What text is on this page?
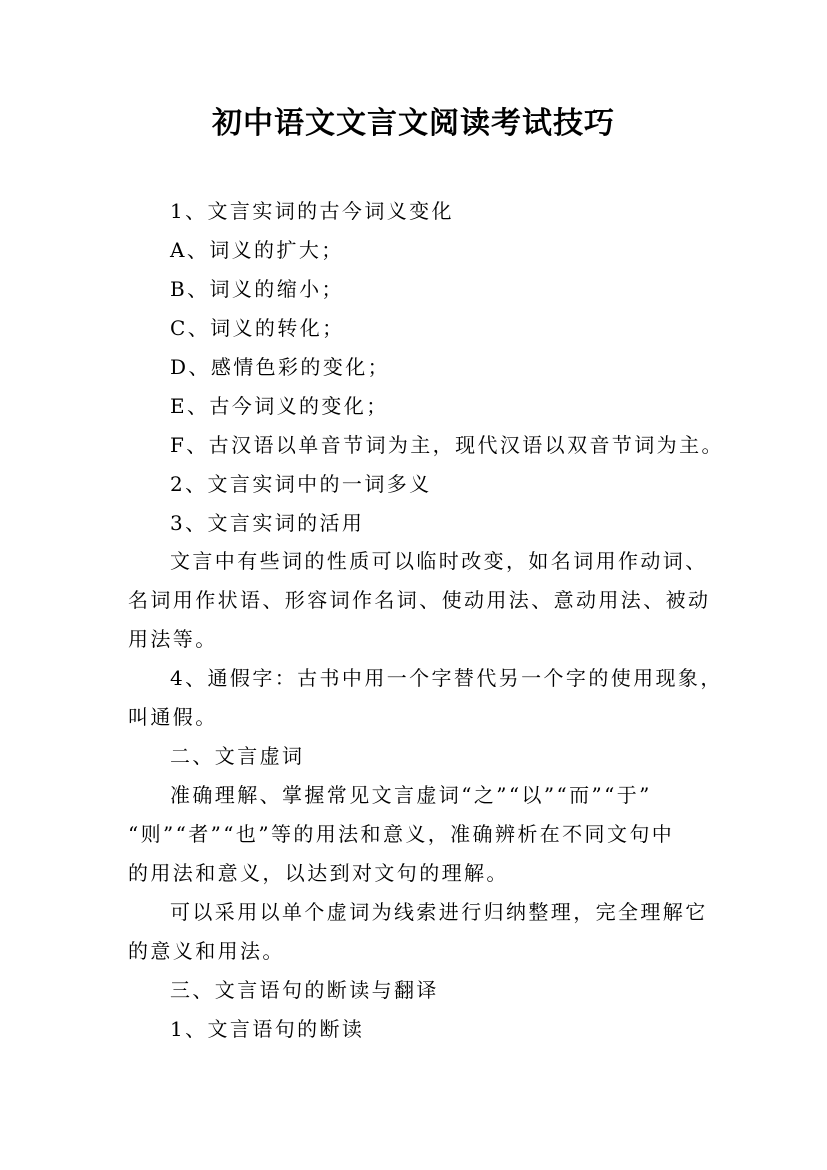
初中语文文言文阅读考试技巧

1、文言实词的古今词义变化

A、词义的扩大；

B、词义的缩小；

C、词义的转化；

D、感情色彩的变化；

E、古今词义的变化；

F、古汉语以单音节词为主，现代汉语以双音节词为主。

2、文言实词中的一词多义

3、文言实词的活用

文言中有些词的性质可以临时改变，如名词用作动词、

名词用作状语、形容词作名词、使动用法、意动用法、被动

用法等。

4、通假字：古书中用一个字替代另一个字的使用现象，

叫通假。

二、文言虚词

准确理解、掌握常见文言虚词“之”“以”“而”“于”

“则”“者”“也”等的用法和意义，准确辨析在不同文句中

的用法和意义，以达到对文句的理解。

可以采用以单个虚词为线索进行归纳整理，完全理解它

的意义和用法。

三、文言语句的断读与翻译

1、文言语句的断读
